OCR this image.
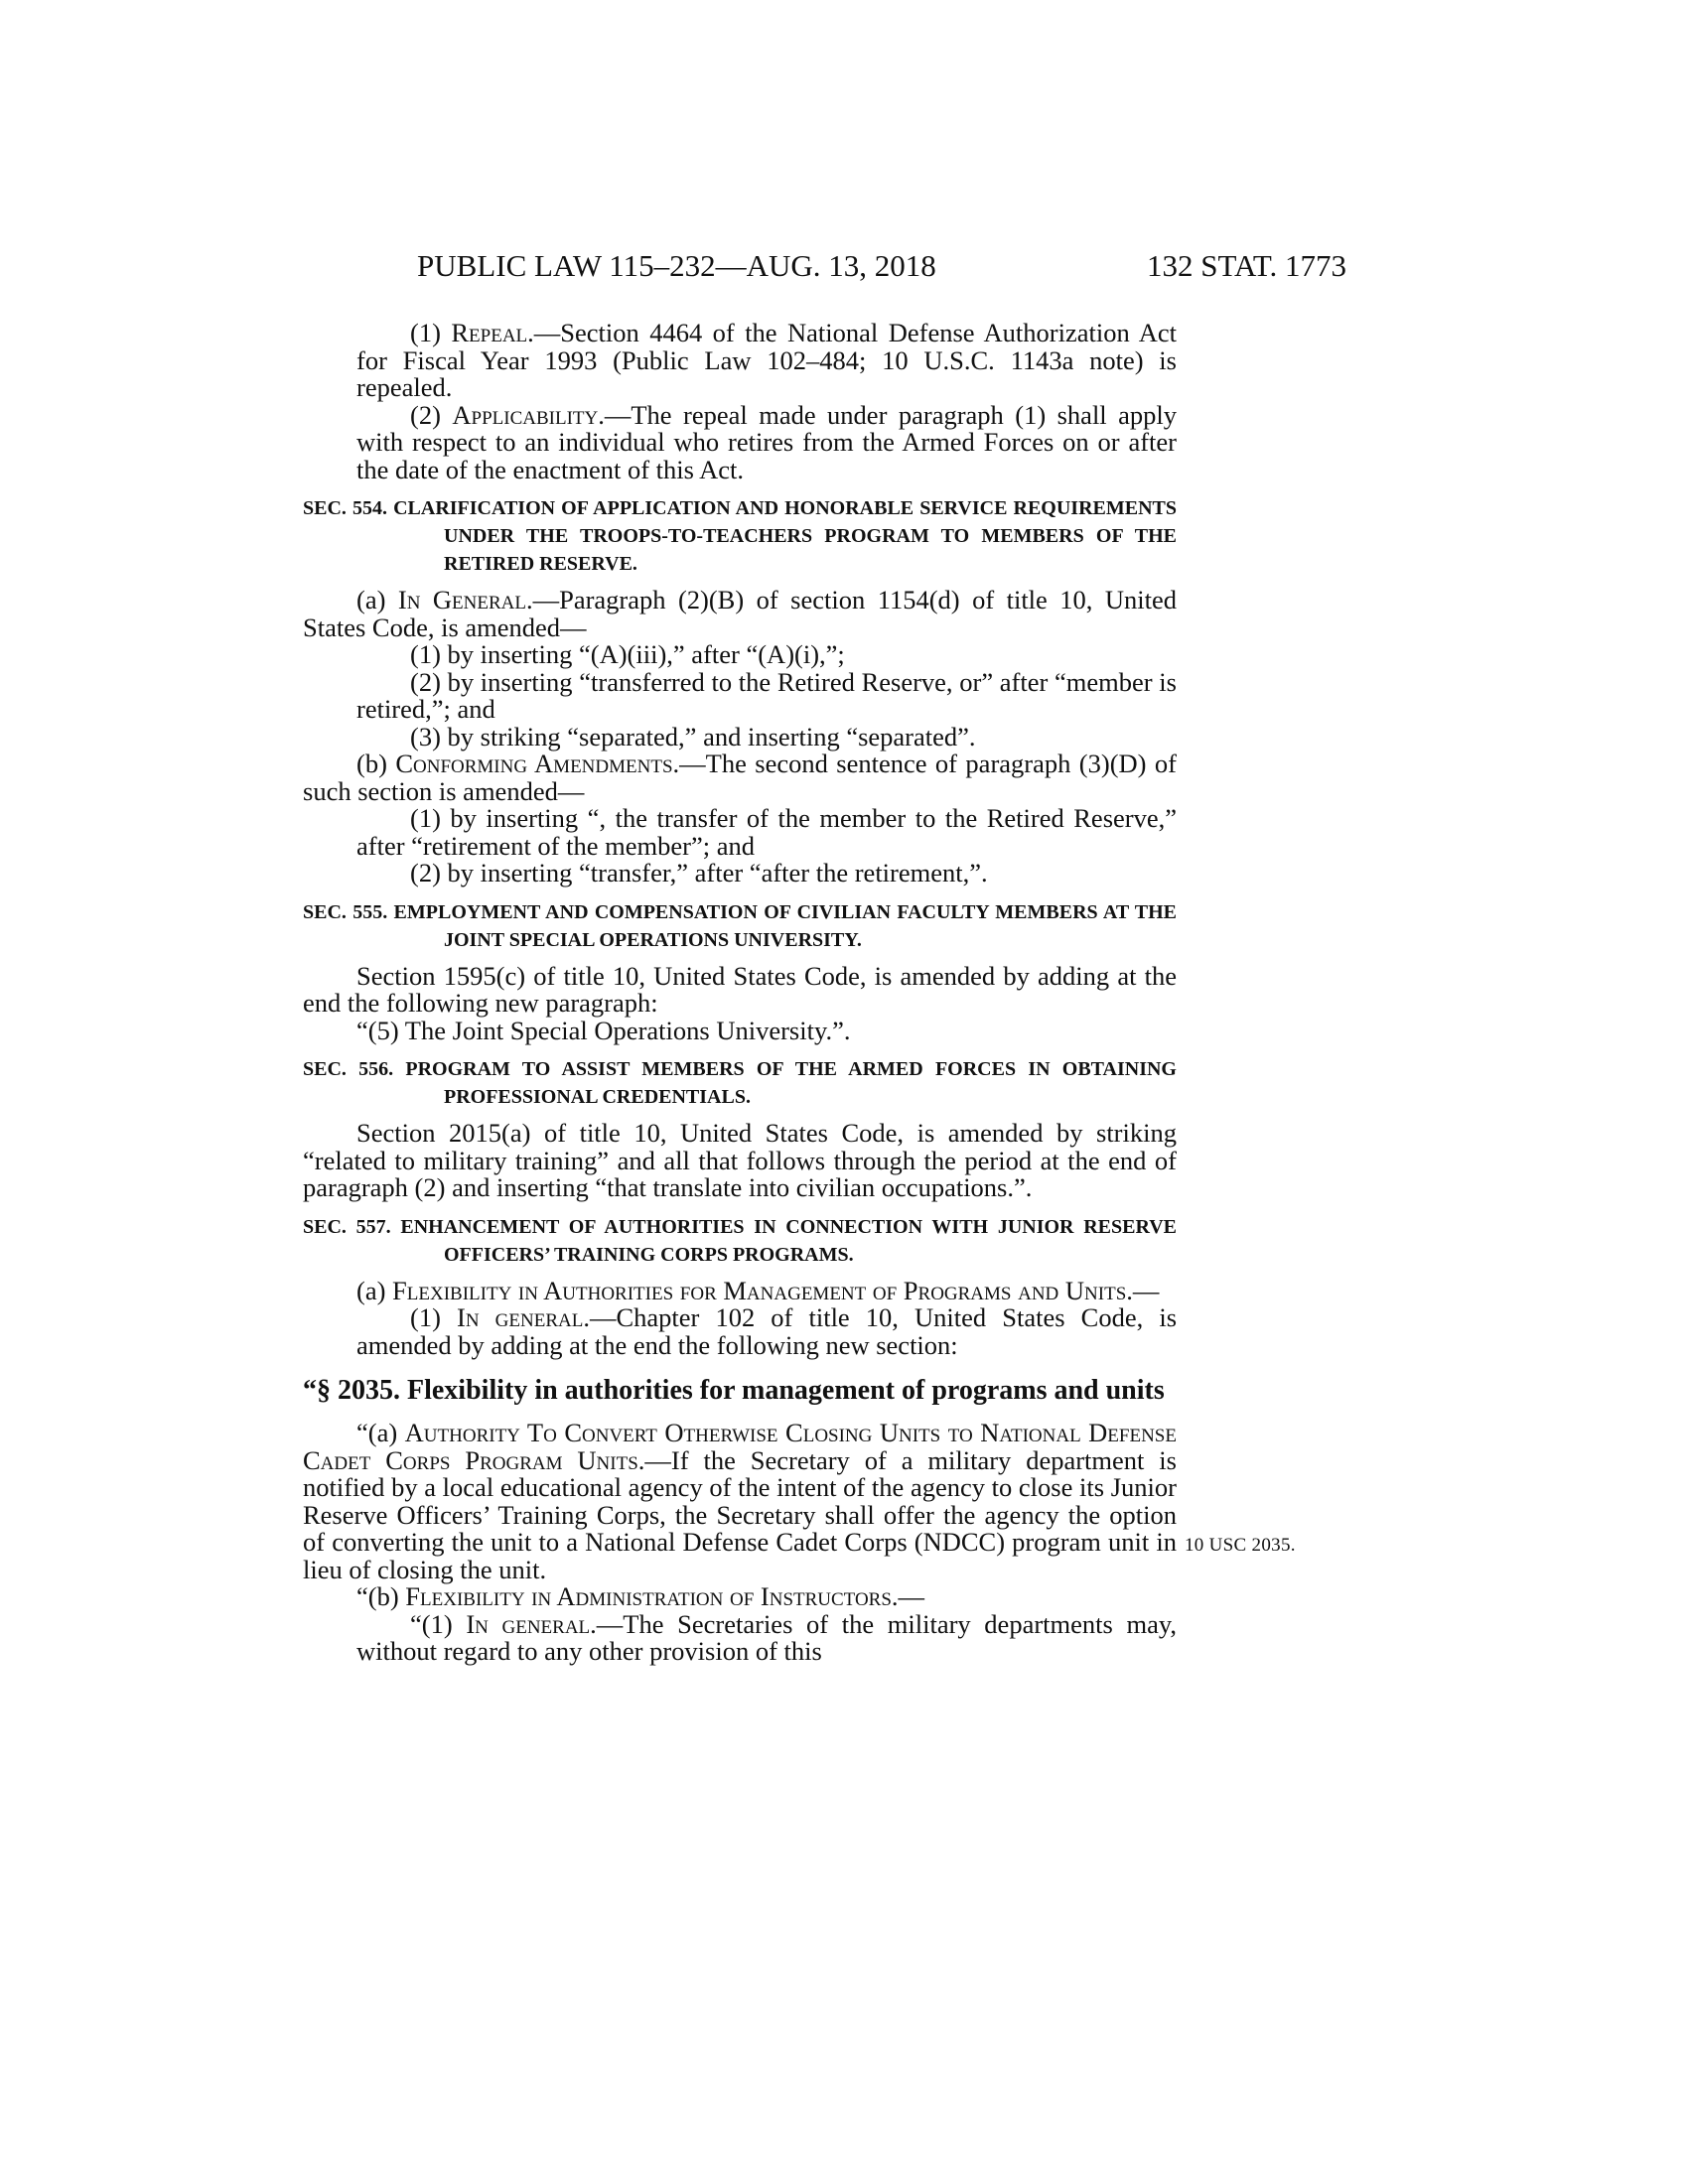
PUBLIC LAW 115–232—AUG. 13, 2018	132 STAT. 1773
10 USC 2035.

(1) Repeal.—Section 4464 of the National Defense Authorization Act for Fiscal Year 1993 (Public Law 102–484; 10 U.S.C. 1143a note) is repealed.

(2) Applicability.—The repeal made under paragraph (1) shall apply with respect to an individual who retires from the Armed Forces on or after the date of the enactment of this Act.

SEC. 554. CLARIFICATION OF APPLICATION AND HONORABLE SERVICE REQUIREMENTS UNDER THE TROOPS-TO-TEACHERS PROGRAM TO MEMBERS OF THE RETIRED RESERVE.

(a) In General.—Paragraph (2)(B) of section 1154(d) of title 10, United States Code, is amended—

(1) by inserting “(A)(iii),” after “(A)(i),”;

(2) by inserting “transferred to the Retired Reserve, or” after “member is retired,”; and

(3) by striking “separated,” and inserting “separated”.

(b) Conforming Amendments.—The second sentence of paragraph (3)(D) of such section is amended—

(1) by inserting “, the transfer of the member to the Retired Reserve,” after “retirement of the member”; and

(2) by inserting “transfer,” after “after the retirement,”.

SEC. 555. EMPLOYMENT AND COMPENSATION OF CIVILIAN FACULTY MEMBERS AT THE JOINT SPECIAL OPERATIONS UNIVERSITY.

Section 1595(c) of title 10, United States Code, is amended by adding at the end the following new paragraph:

“(5) The Joint Special Operations University.”.

SEC. 556. PROGRAM TO ASSIST MEMBERS OF THE ARMED FORCES IN OBTAINING PROFESSIONAL CREDENTIALS.

Section 2015(a) of title 10, United States Code, is amended by striking “related to military training” and all that follows through the period at the end of paragraph (2) and inserting “that translate into civilian occupations.”.

SEC. 557. ENHANCEMENT OF AUTHORITIES IN CONNECTION WITH JUNIOR RESERVE OFFICERS’ TRAINING CORPS PROGRAMS.

(a) Flexibility in Authorities for Management of Programs and Units.—

(1) In general.—Chapter 102 of title 10, United States Code, is amended by adding at the end the following new section:

“§ 2035. Flexibility in authorities for management of programs and units

“(a) Authority To Convert Otherwise Closing Units to National Defense Cadet Corps Program Units.—If the Secretary of a military department is notified by a local educational agency of the intent of the agency to close its Junior Reserve Officers’ Training Corps, the Secretary shall offer the agency the option of converting the unit to a National Defense Cadet Corps (NDCC) program unit in lieu of closing the unit.

“(b) Flexibility in Administration of Instructors.—

“(1) In general.—The Secretaries of the military departments may, without regard to any other provision of this
